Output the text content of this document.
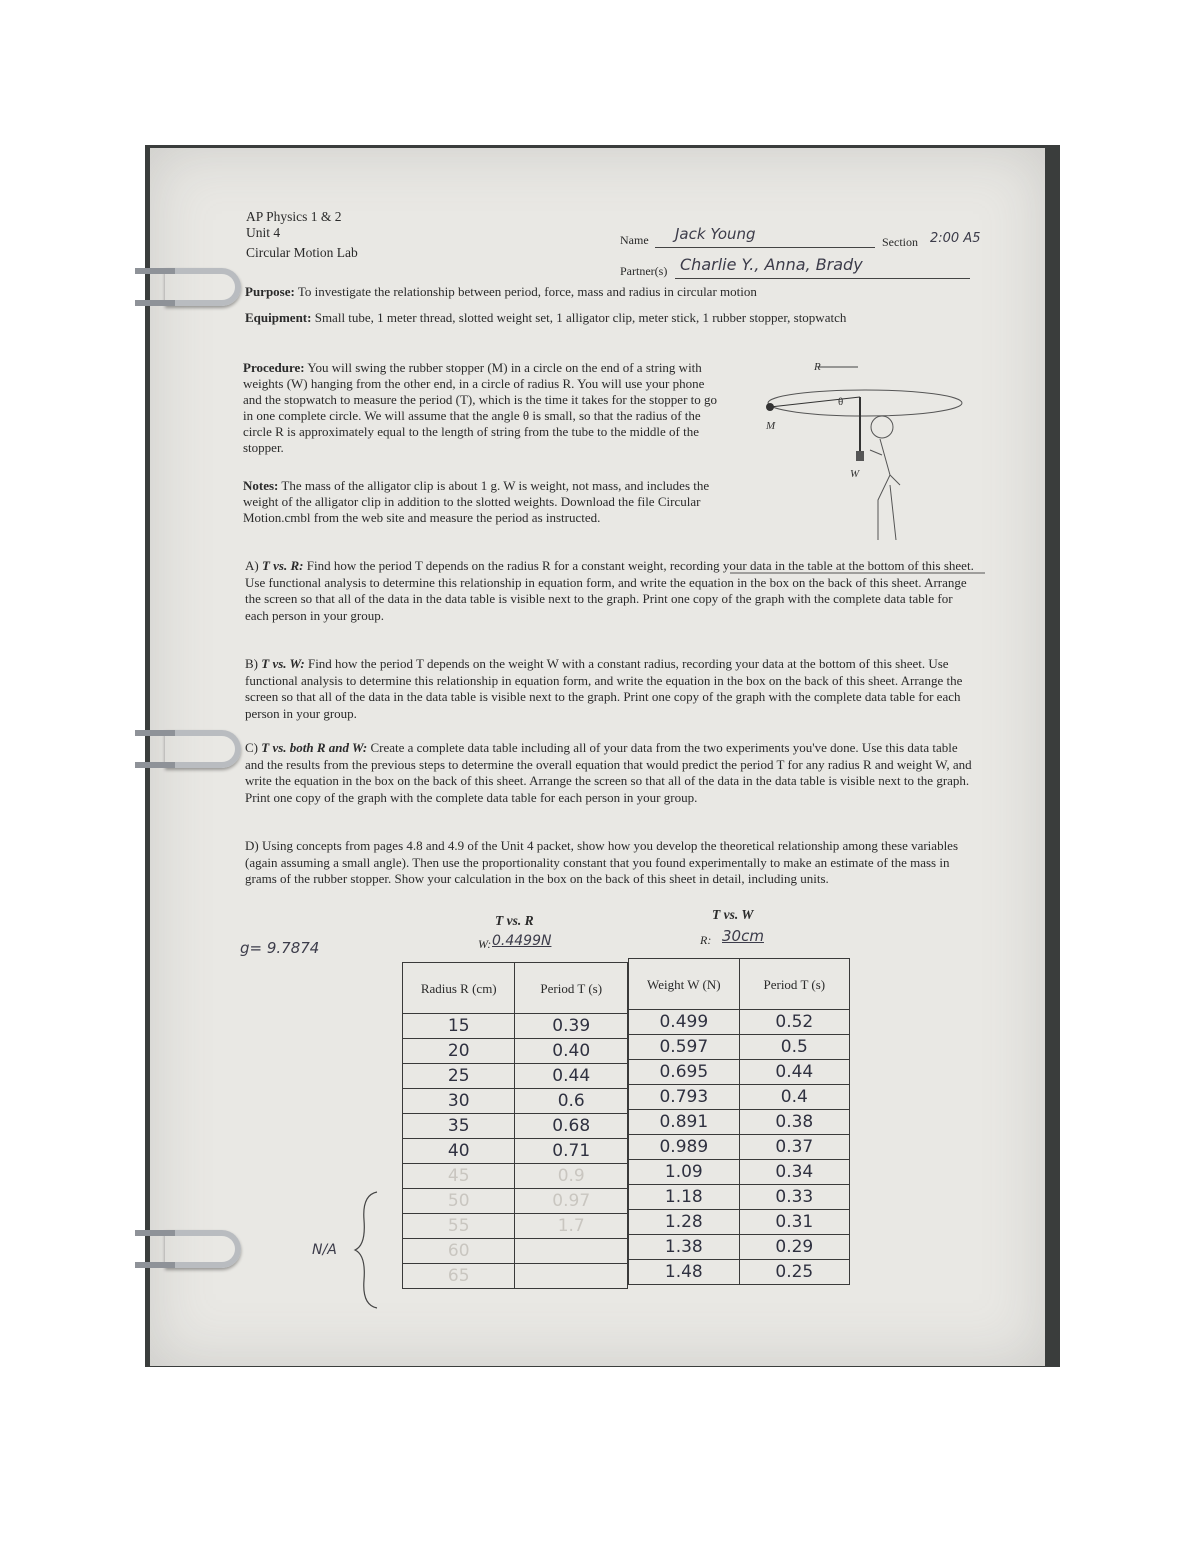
AP Physics 1 & 2
Unit 4
Circular Motion Lab
Name Jack Young	Section 2:00 A5
Partner(s) Charlie Y., Anna, Brady
Purpose: To investigate the relationship between period, force, mass and radius in circular motion
Equipment: Small tube, 1 meter thread, slotted weight set, 1 alligator clip, meter stick, 1 rubber stopper, stopwatch
Procedure: You will swing the rubber stopper (M) in a circle on the end of a string with weights (W) hanging from the other end, in a circle of radius R. You will use your phone and the stopwatch to measure the period (T), which is the time it takes for the stopper to go in one complete circle. We will assume that the angle θ is small, so that the radius of the circle R is approximately equal to the length of string from the tube to the middle of the stopper.
Notes: The mass of the alligator clip is about 1 g. W is weight, not mass, and includes the weight of the alligator clip in addition to the slotted weights. Download the file Circular Motion.cmbl from the web site and measure the period as instructed.
R
M
θ
W
A) T vs. R: Find how the period T depends on the radius R for a constant weight, recording your data in the table at the bottom of this sheet. Use functional analysis to determine this relationship in equation form, and write the equation in the box on the back of this sheet. Arrange the screen so that all of the data in the data table is visible next to the graph. Print one copy of the graph with the complete data table for each person in your group.
B) T vs. W: Find how the period T depends on the weight W with a constant radius, recording your data at the bottom of this sheet. Use functional analysis to determine this relationship in equation form, and write the equation in the box on the back of this sheet. Arrange the screen so that all of the data in the data table is visible next to the graph. Print one copy of the graph with the complete data table for each person in your group.
C) T vs. both R and W: Create a complete data table including all of your data from the two experiments you've done. Use this data table and the results from the previous steps to determine the overall equation that would predict the period T for any radius R and weight W, and write the equation in the box on the back of this sheet. Arrange the screen so that all of the data in the data table is visible next to the graph. Print one copy of the graph with the complete data table for each person in your group.
D) Using concepts from pages 4.8 and 4.9 of the Unit 4 packet, show how you develop the theoretical relationship among these variables (again assuming a small angle). Then use the proportionality constant that you found experimentally to make an estimate of the mass in grams of the rubber stopper. Show your calculation in the box on the back of this sheet in detail, including units.
g= 9.7874
N/A
T vs. R
W: 0.4499N
T vs. W
R: 30cm
Radius R (cm)	Period T (s)
15	0.39
20	0.40
25	0.44
30	0.6
35	0.68
40	0.71
45	0.9
50	0.97
55	1.7
60	
65	
Weight W (N)	Period T (s)
0.499	0.52
0.597	0.5
0.695	0.44
0.793	0.4
0.891	0.38
0.989	0.37
1.09	0.34
1.18	0.33
1.28	0.31
1.38	0.29
1.48	0.25
